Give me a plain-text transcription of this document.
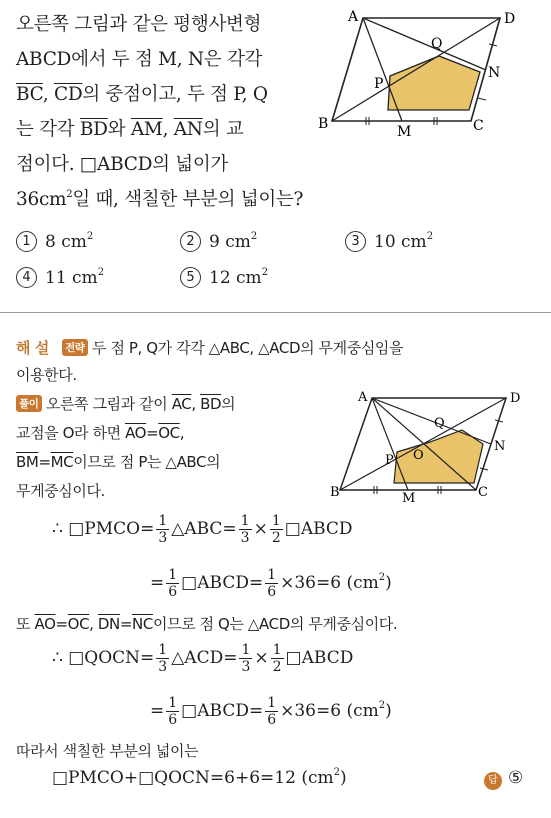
오른쪽 그림과 같은 평행사변형
ABCD에서 두 점 M, N은 각각
$\overline{BC}$, $\overline{CD}$의 중점이고, 두 점 P, Q
는 각각 $\overline{BD}$와 $\overline{AM}$, $\overline{AN}$의 교
점이다. □ABCD의 넓이가
$36cm^2$일 때, 색칠한 부분의 넓이는?
A	D
B	C
M
N
P
Q
1 8 $cm^2$	2 9 $cm^2$	3 10 $cm^2$
4 11 $cm^2$	5 12 $cm^2$
해 설 전략 두 점 P, Q가 각각 △ABC, △ACD의 무게중심임을
이용한다.
풀이 오른쪽 그림과 같이 $\overline{AC}$, $\overline{BD}$의
교점을 O라 하면 $\overline{AO}=\overline{OC}$,
$\overline{BM}=\overline{MC}$이므로 점 P는 △ABC의
무게중심이다.
A	D
B	C
M
N
P
Q
O
∴ □PMCO= $\frac{1}{3}$ △ABC= $\frac{1}{3} \times \frac{1}{2}$ □ABCD
= $\frac{1}{6}$ □ABCD= $\frac{1}{6} \times 36=6$ $(cm^2)$
또 $\overline{AO}=\overline{OC}$, $\overline{DN}=\overline{NC}$이므로 점 Q는 △ACD의 무게중심이다.
∴ □QOCN= $\frac{1}{3}$ △ACD= $\frac{1}{3} \times \frac{1}{2}$ □ABCD
= $\frac{1}{6}$ □ABCD= $\frac{1}{6} \times 36=6$ $(cm^2)$
따라서 색칠한 부분의 넓이는
□PMCO+□QOCN=6+6=12 $(cm^2)$	답 ⑤
